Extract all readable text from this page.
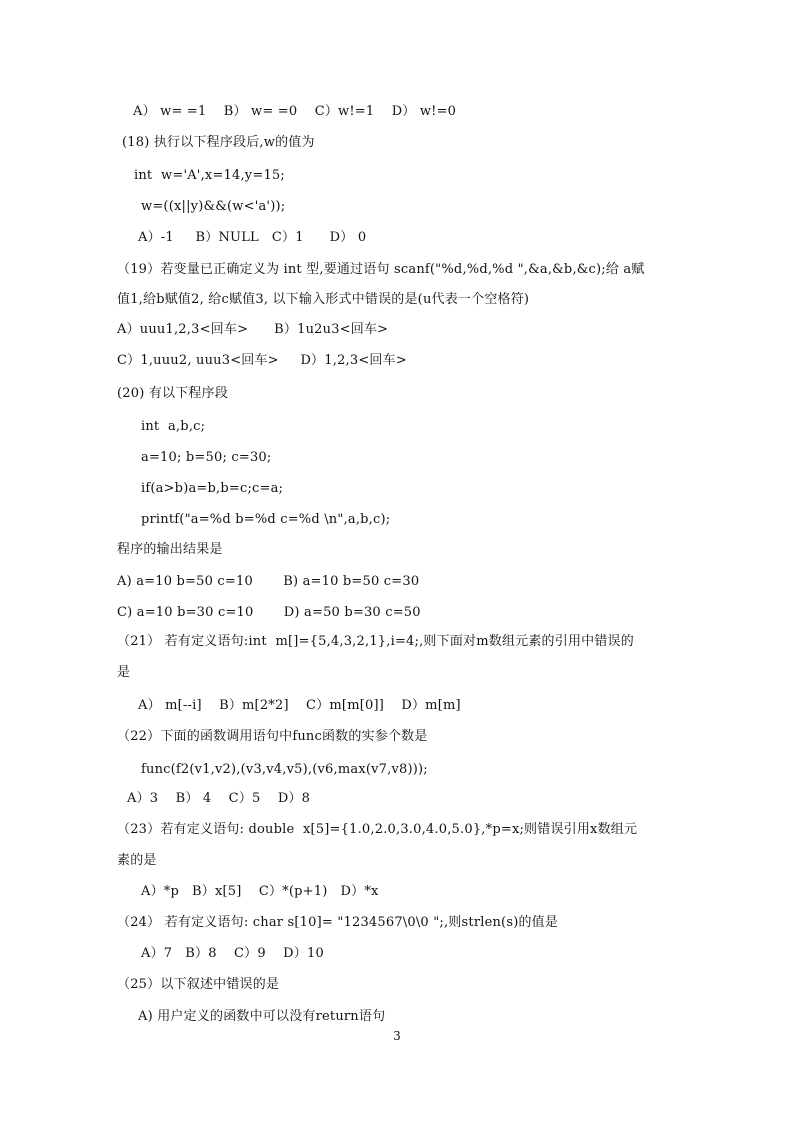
A） w= =1    B） w= =0    C）w!=1    D） w!=0
(18) 执行以下程序段后,w的值为
int  w='A',x=14,y=15;
w=((x||y)&&(w<'a'));
A）-1     B）NULL   C）1      D） 0
（19）若变量已正确定义为 int 型,要通过语句 scanf("%d,%d,%d ",&a,&b,&c);给 a赋
值1,给b赋值2, 给c赋值3, 以下输入形式中错误的是(u代表一个空格符)
A）uuu1,2,3<回车>      B）1u2u3<回车>
C）1,uuu2, uuu3<回车>     D）1,2,3<回车>
(20) 有以下程序段
int  a,b,c;
a=10; b=50; c=30;
if(a>b)a=b,b=c;c=a;
printf("a=%d b=%d c=%d \n",a,b,c);
程序的输出结果是
A) a=10 b=50 c=10       B) a=10 b=50 c=30
C) a=10 b=30 c=10       D) a=50 b=30 c=50
（21） 若有定义语句:int  m[]={5,4,3,2,1},i=4;,则下面对m数组元素的引用中错误的
是
A） m[--i]    B）m[2*2]    C）m[m[0]]    D）m[m]
（22）下面的函数调用语句中func函数的实参个数是
func(f2(v1,v2),(v3,v4,v5),(v6,max(v7,v8)));
A）3    B） 4    C）5    D）8
（23）若有定义语句: double  x[5]={1.0,2.0,3.0,4.0,5.0},*p=x;则错误引用x数组元
素的是
A）*p   B）x[5]    C）*(p+1)   D）*x
（24） 若有定义语句: char s[10]= "1234567\0\0 ";,则strlen(s)的值是
A）7   B）8    C）9    D）10
（25）以下叙述中错误的是
A) 用户定义的函数中可以没有return语句
3
